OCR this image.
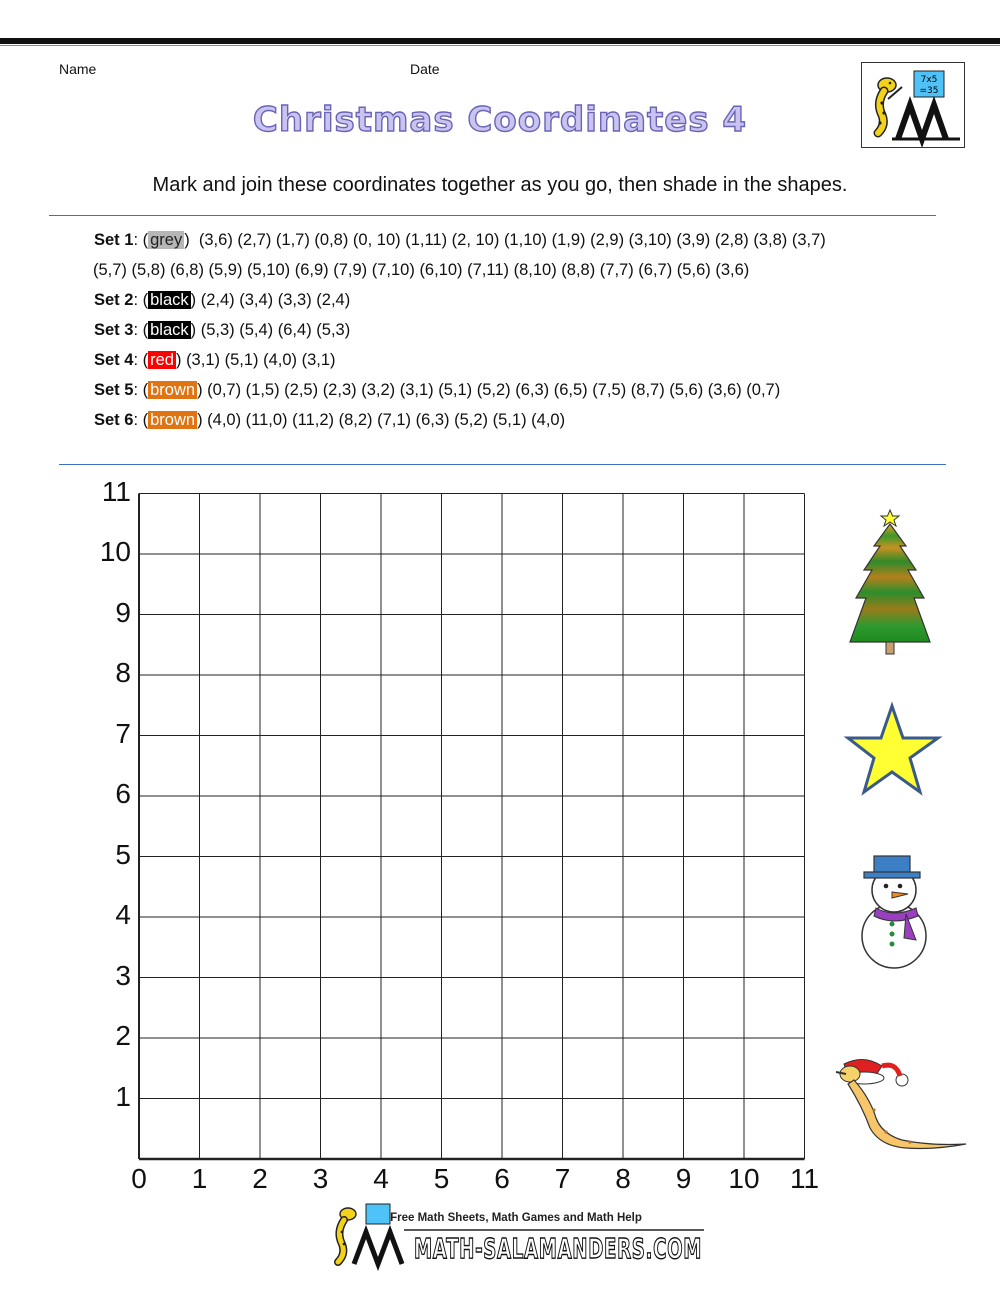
Name	Date
7x5
=35
Christmas Coordinates 4
Mark and join these coordinates together as you go, then shade in the shapes.
Set 1: ( grey )  (3,6) (2,7) (1,7) (0,8) (0, 10) (1,11) (2, 10) (1,10) (1,9) (2,9) (3,10) (3,9) (2,8) (3,8) (3,7)
(5,7) (5,8) (6,8) (5,9) (5,10) (6,9) (7,9) (7,10) (6,10) (7,11) (8,10) (8,8) (7,7) (6,7) (5,6) (3,6)
Set 2: ( black ) (2,4) (3,4) (3,3) (2,4)
Set 3: ( black ) (5,3) (5,4) (6,4) (5,3)
Set 4: ( red ) (3,1) (5,1) (4,0) (3,1)
Set 5: ( brown ) (0,7) (1,5) (2,5) (2,3) (3,2) (3,1) (5,1) (5,2) (6,3) (6,5) (7,5) (8,7) (5,6) (3,6) (0,7)
Set 6: ( brown ) (4,0) (11,0) (11,2) (8,2) (7,1) (6,3) (5,2) (5,1) (4,0)
0	1	2	3	4	5	6	7	8	9	10	11
1
2
3
4
5
6
7
8
9
10
11
Free Math Sheets, Math Games and Math Help
MATH-SALAMANDERS.COM
